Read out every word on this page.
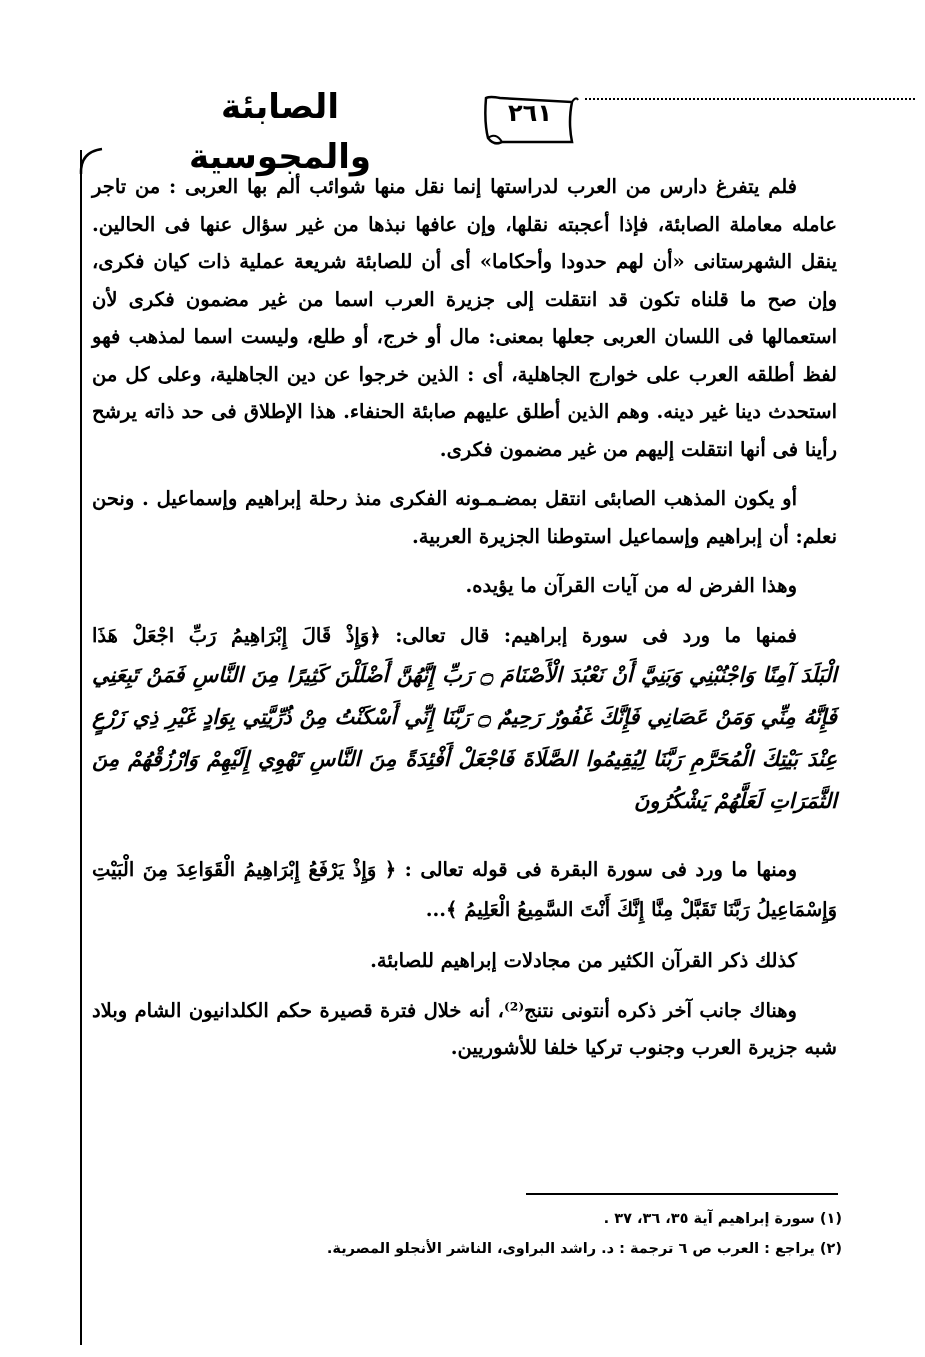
الصابئة والمجوسية
٢٦١

فلم يتفرغ دارس من العرب لدراستها إنما نقل منها شوائب ألم بها العربى : من تاجر عامله معاملة الصابئة، فإذا أعجبته نقلها، وإن عافها نبذها من غير سؤال عنها فى الحالين. ينقل الشهرستانى «أن لهم حدودا وأحكاما» أى أن للصابئة شريعة عملية ذات كيان فكرى، وإن صح ما قلناه تكون قد انتقلت إلى جزيرة العرب اسما من غير مضمون فكرى لأن استعمالها فى اللسان العربى جعلها بمعنى: مال أو خرج، أو طلع، وليست اسما لمذهب فهو لفظ أطلقه العرب على خوارج الجاهلية، أى : الذين خرجوا عن دين الجاهلية، وعلى كل من استحدث دينا غير دينه. وهم الذين أطلق عليهم صابئة الحنفاء. هذا الإطلاق فى حد ذاته يرشح رأينا فى أنها انتقلت إليهم من غير مضمون فكرى.

أو يكون المذهب الصابئى انتقل بمضـمـونه الفكرى منذ رحلة إبراهيم وإسماعيل . ونحن نعلم: أن إبراهيم وإسماعيل استوطنا الجزيرة العربية.

وهذا الفرض له من آيات القرآن ما يؤيده.

فمنها ما ورد فى سورة إبراهيم: قال تعالى: ﴿وَإِذْ قَالَ إِبْرَاهِيمُ رَبِّ اجْعَلْ هَذَا

الْبَلَدَ آمِنًا وَاجْنُبْنِي وَبَنِيَّ أَنْ نَعْبُدَ الْأَصْنَامَ ۝ رَبِّ إِنَّهُنَّ أَضْلَلْنَ كَثِيرًا مِنَ النَّاسِ فَمَنْ تَبِعَنِي فَإِنَّهُ مِنِّي وَمَنْ عَصَانِي فَإِنَّكَ غَفُورٌ رَحِيمٌ ۝ رَبَّنَا إِنِّي أَسْكَنْتُ مِنْ ذُرِّيَّتِي بِوَادٍ غَيْرِ ذِي زَرْعٍ عِنْدَ بَيْتِكَ الْمُحَرَّمِ رَبَّنَا لِيُقِيمُوا الصَّلَاةَ فَاجْعَلْ أَفْئِدَةً مِنَ النَّاسِ تَهْوِي إِلَيْهِمْ وَارْزُقْهُمْ مِنَ الثَّمَرَاتِ لَعَلَّهُمْ يَشْكُرُونَ

ومنها ما ورد فى سورة البقرة فى قوله تعالى : ﴿ وَإِذْ يَرْفَعُ إِبْرَاهِيمُ الْقَوَاعِدَ مِنَ الْبَيْتِ وَإِسْمَاعِيلُ رَبَّنَا تَقَبَّلْ مِنَّا إِنَّكَ أَنْتَ السَّمِيعُ الْعَلِيمُ ﴾...

كذلك ذكر القرآن الكثير من مجادلات إبراهيم للصابئة.

وهناك جانب آخر ذكره أنتونى نتنج⁽²⁾، أنه خلال فترة قصيرة حكم الكلدانيون الشام وبلاد شبه جزيرة العرب وجنوب تركيا خلفا للأشوريين.

(١) سورة إبراهيم آية ٣٥، ٣٦، ٣٧ .
(٢) يراجع : العرب ص ٦ ترجمة : د. راشد البراوى، الناشر الأنجلو المصرية.
